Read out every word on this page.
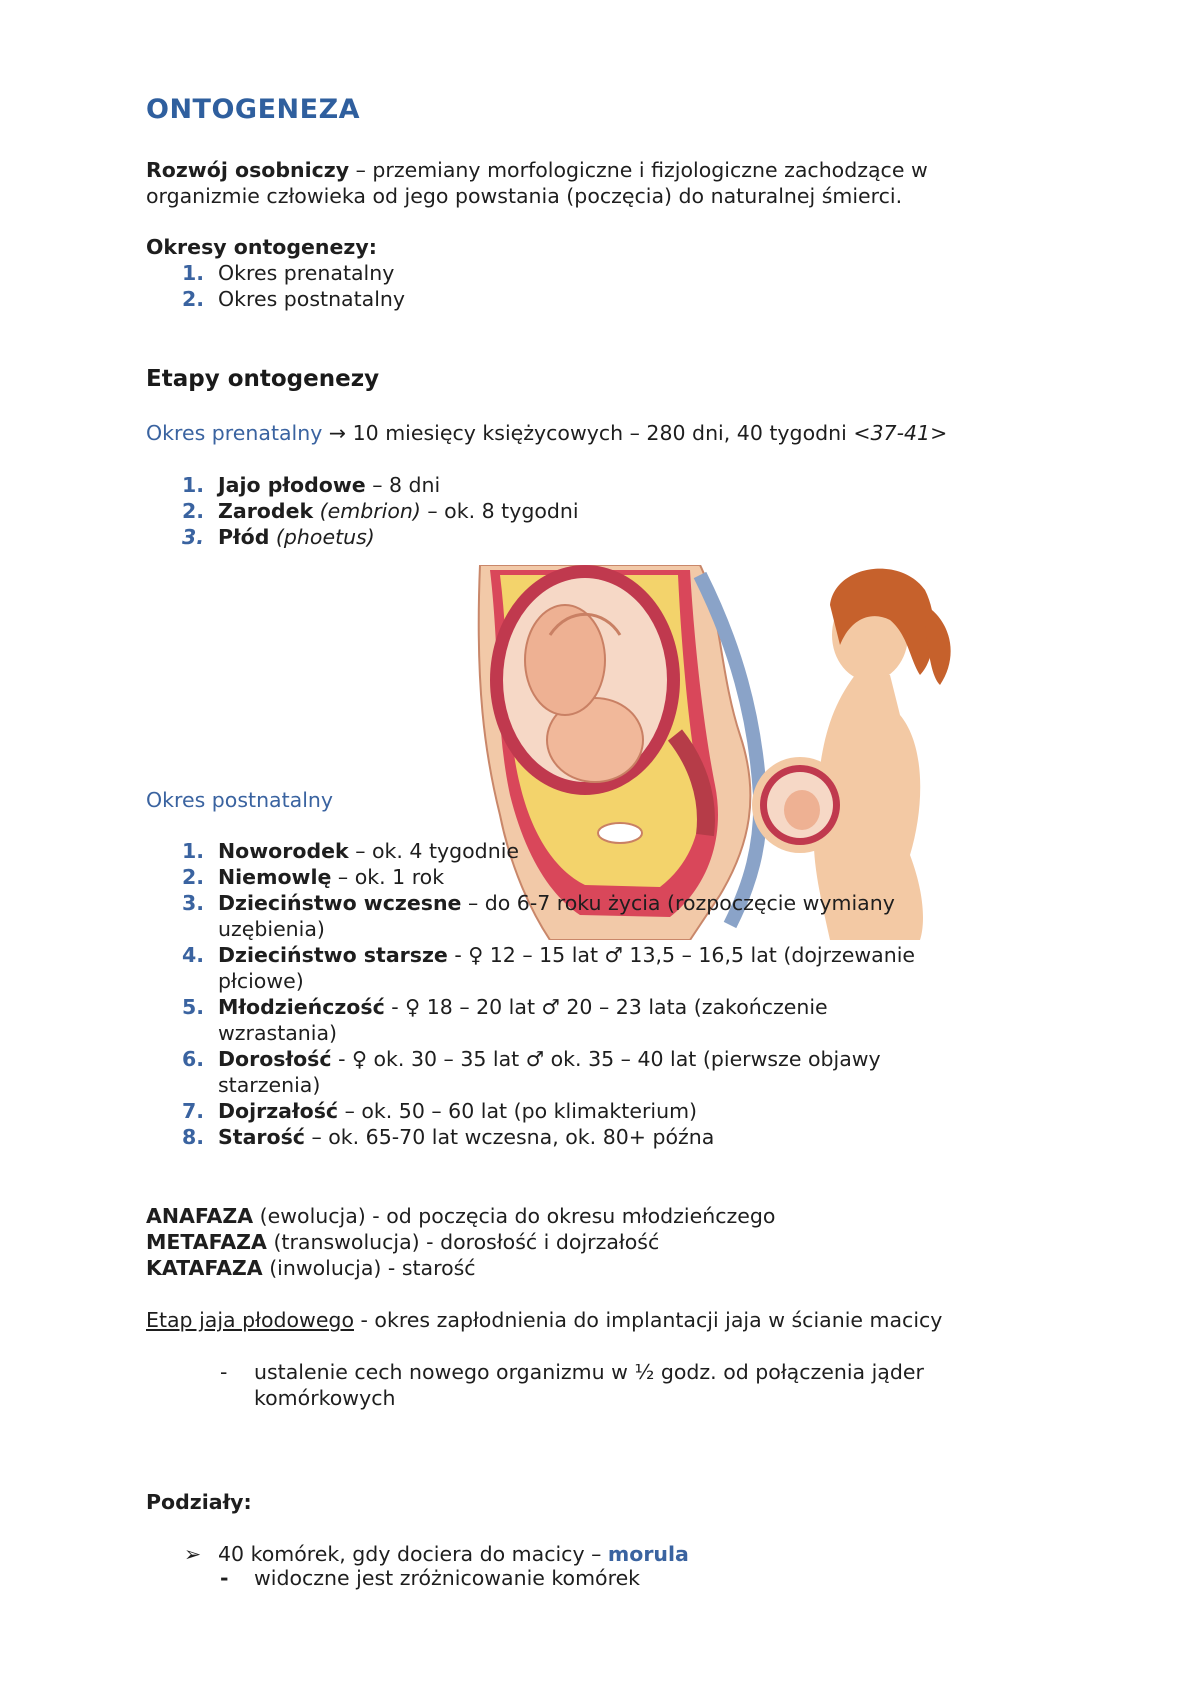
ONTOGENEZA
Rozwój osobniczy – przemiany morfologiczne i fizjologiczne zachodzące w
organizmie człowieka od jego powstania (poczęcia) do naturalnej śmierci.
Okresy ontogenezy:
1. Okres prenatalny
2. Okres postnatalny
Etapy ontogenezy
Okres prenatalny → 10 miesięcy księżycowych – 280 dni, 40 tygodni <37-41>
1. Jajo płodowe – 8 dni
2. Zarodek (embrion) – ok. 8 tygodni
3. Płód (phoetus)
Okres postnatalny
1. Noworodek – ok. 4 tygodnie
2. Niemowlę – ok. 1 rok
3. Dzieciństwo wczesne – do 6-7 roku życia (rozpoczęcie wymiany
uzębienia)
4. Dzieciństwo starsze - ♀ 12 – 15 lat ♂ 13,5 – 16,5 lat (dojrzewanie
płciowe)
5. Młodzieńczość - ♀ 18 – 20 lat ♂ 20 – 23 lata (zakończenie
wzrastania)
6. Dorosłość - ♀ ok. 30 – 35 lat ♂ ok. 35 – 40 lat (pierwsze objawy
starzenia)
7. Dojrzałość – ok. 50 – 60 lat (po klimakterium)
8. Starość – ok. 65-70 lat wczesna, ok. 80+ późna
ANAFAZA (ewolucja) - od poczęcia do okresu młodzieńczego
METAFAZA (transwolucja) - dorosłość i dojrzałość
KATAFAZA (inwolucja) - starość
Etap jaja płodowego - okres zapłodnienia do implantacji jaja w ścianie macicy
- ustalenie cech nowego organizmu w ½ godz. od połączenia jąder
komórkowych
Podziały:
➢ 40 komórek, gdy dociera do macicy – morula
- widoczne jest zróżnicowanie komórek
